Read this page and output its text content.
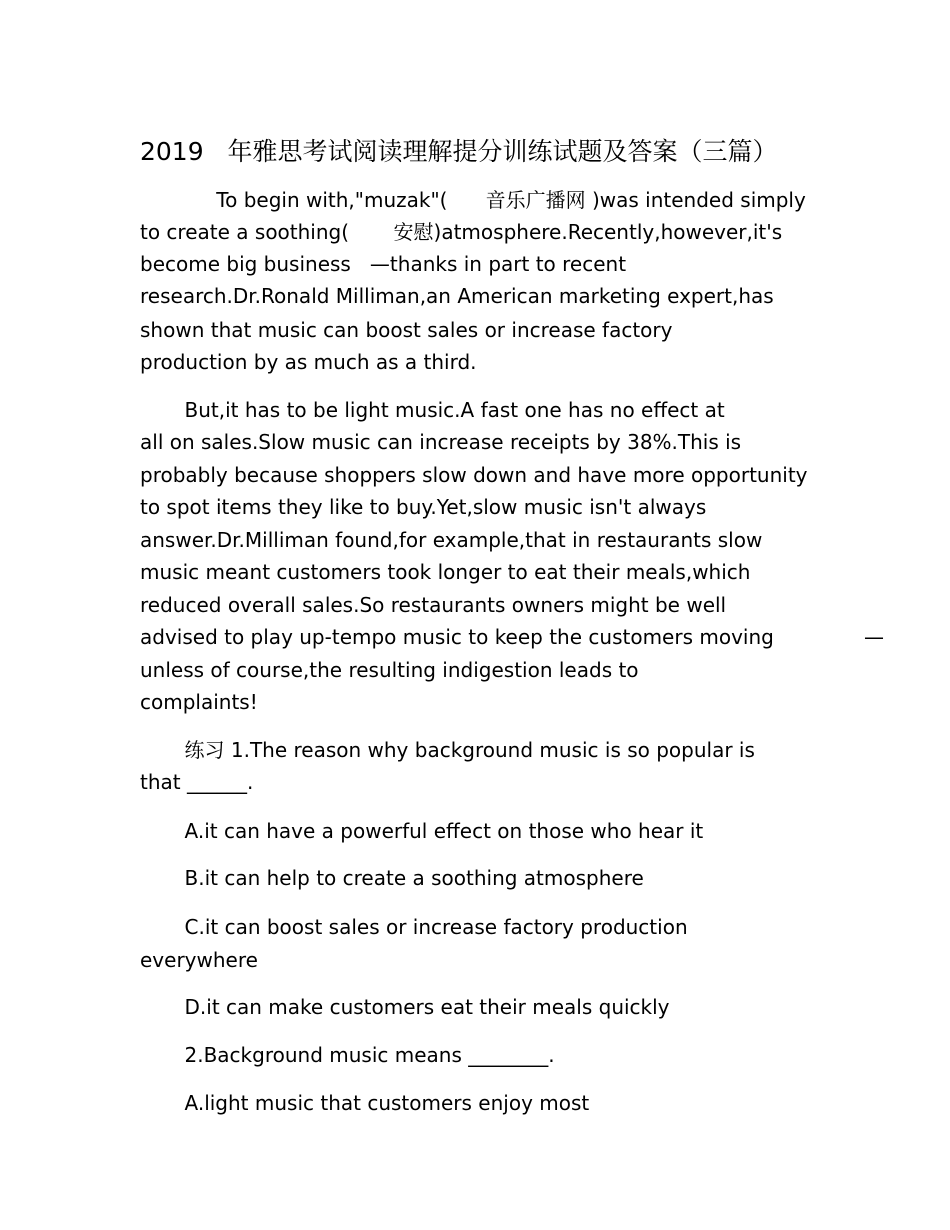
2019   年雅思考试阅读理解提分训练试题及答案（三篇）
To begin with,"muzak"(      音乐广播网 )was intended simply
to create a soothing(       安慰)atmosphere.Recently,however,it's
become big business   —thanks in part to recent
research.Dr.Ronald Milliman,an American marketing expert,has
shown that music can boost sales or increase factory
production by as much as a third.
But,it has to be light music.A fast one has no effect at
all on sales.Slow music can increase receipts by 38%.This is
probably because shoppers slow down and have more opportunity
to spot items they like to buy.Yet,slow music isn't always
answer.Dr.Milliman found,for example,that in restaurants slow
music meant customers took longer to eat their meals,which
reduced overall sales.So restaurants owners might be well
advised to play up-tempo music to keep the customers moving	—
unless of course,the resulting indigestion leads to
complaints!
练习 1.The reason why background music is so popular is
that ______.
A.it can have a powerful effect on those who hear it
B.it can help to create a soothing atmosphere
C.it can boost sales or increase factory production
everywhere
D.it can make customers eat their meals quickly
2.Background music means ________.
A.light music that customers enjoy most
